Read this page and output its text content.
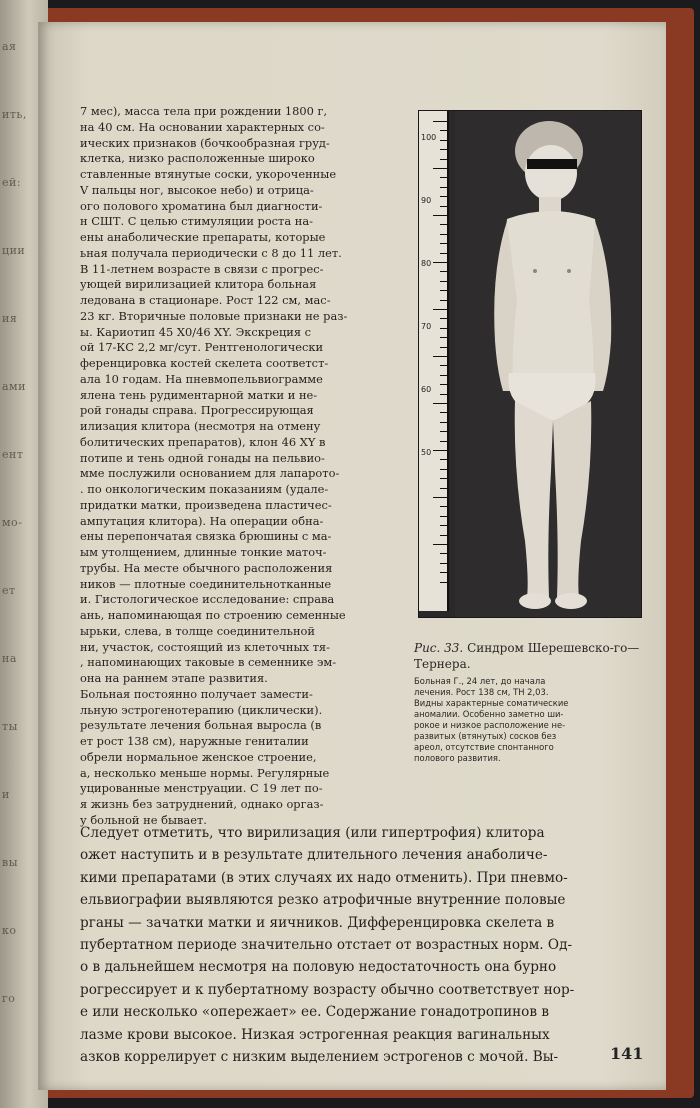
ая
ить,
ей:
ции
ия
ами
ент
мо-
ет
на
ты
и
вы
ко
го

7 мес), масса тела при рождении 1800 г,

на 40 см. На основании характерных со-

ических признаков (бочкообразная груд-

клетка, низко расположенные широко

ставленные втянутые соски, укороченные

V пальцы ног, высокое небо) и отрица-

ого полового хроматина был диагности-

н СШТ. С целью стимуляции роста на-

ены анаболические препараты, которые

ьная получала периодически с 8 до 11 лет.

В 11-летнем возрасте в связи с прогрес-

ующей вирилизацией клитора больная

ледована в стационаре. Рост 122 см, мас-

23 кг. Вторичные половые признаки не раз-

ы. Кариотип 45 Х0/46 XY. Экскреция с

ой 17-КС 2,2 мг/сут. Рентгенологически

ференцировка костей скелета соответст-

ала 10 годам. На пневмопельвиограмме

ялена тень рудиментарной матки и не-

рой гонады справа. Прогрессирующая

илизация клитора (несмотря на отмену

болитических препаратов), клон 46 XY в

потипе и тень одной гонады на пельвио-

мме послужили основанием для лапарото-

. по онкологическим показаниям (удале-

придатки матки, произведена пластичес-

ампутация клитора). На операции обна-

ены перепончатая связка брюшины с ма-

ым утолщением, длинные тонкие маточ-

трубы. На месте обычного расположения

ников — плотные соединительнотканные

и. Гистологическое исследование: справа

ань, напоминающая по строению семенные

ырьки, слева, в толще соединительной

ни, участок, состоящий из клеточных тя-

, напоминающих таковые в семеннике эм-

она на раннем этапе развития.

Больная постоянно получает замести-

льную эстрогенотерапию (циклически).

результате лечения больная выросла (в

ет рост 138 см), наружные гениталии

обрели нормальное женское строение,

а, несколько меньше нормы. Регулярные

уцированные менструации. С 19 лет по-

я жизнь без затруднений, однако оргаз-

у больной не бывает.

100
90
80
70
60
50

Рис. 33. Синдром Шерешевско-го—Тернера.

Больная Г., 24 лет, до начала

лечения. Рост 138 см, ТН 2,03.

Видны характерные соматические

аномалии. Особенно заметно ши-

рокое и низкое расположение не-

развитых (втянутых) сосков без

ареол, отсутствие спонтанного

полового развития.

Следует отметить, что вирилизация (или гипертрофия) клитора

ожет наступить и в результате длительного лечения анаболиче-

кими препаратами (в этих случаях их надо отменить). При пневмо-

ельвиографии выявляются резко атрофичные внутренние половые

рганы — зачатки матки и яичников. Дифференцировка скелета в

пубертатном периоде значительно отстает от возрастных норм. Од-

о в дальнейшем несмотря на половую недостаточность она бурно

рогрессирует и к пубертатному возрасту обычно соответствует нор-

е или несколько «опережает» ее. Содержание гонадотропинов в

лазме крови высокое. Низкая эстрогенная реакция вагинальных

азков коррелирует с низким выделением эстрогенов с мочой. Вы-	141
